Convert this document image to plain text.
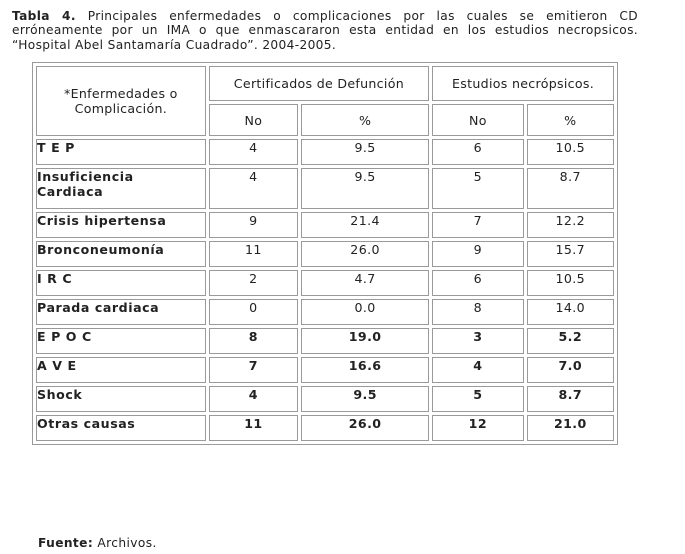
Tabla 4. Principales enfermedades o complicaciones por las cuales se emitieron CD erróneamente por un IMA o que enmascararon esta entidad en los estudios necropsicos. “Hospital Abel Santamaría Cuadrado”. 2004-2005.

*Enfermedades o Complicación.	Certificados de Defunción		Estudios necrópsicos.	
	No	%	No	%
T E P	4	9.5	6	10.5
Insuficiencia Cardiaca	4	9.5	5	8.7
Crisis hipertensa	9	21.4	7	12.2
Bronconeumonía	11	26.0	9	15.7
I R C	2	4.7	6	10.5
Parada cardiaca	0	0.0	8	14.0
E P O C	8	19.0	3	5.2
A V E	7	16.6	4	7.0
Shock	4	9.5	5	8.7
Otras causas	11	26.0	12	21.0
Fuente: Archivos.
